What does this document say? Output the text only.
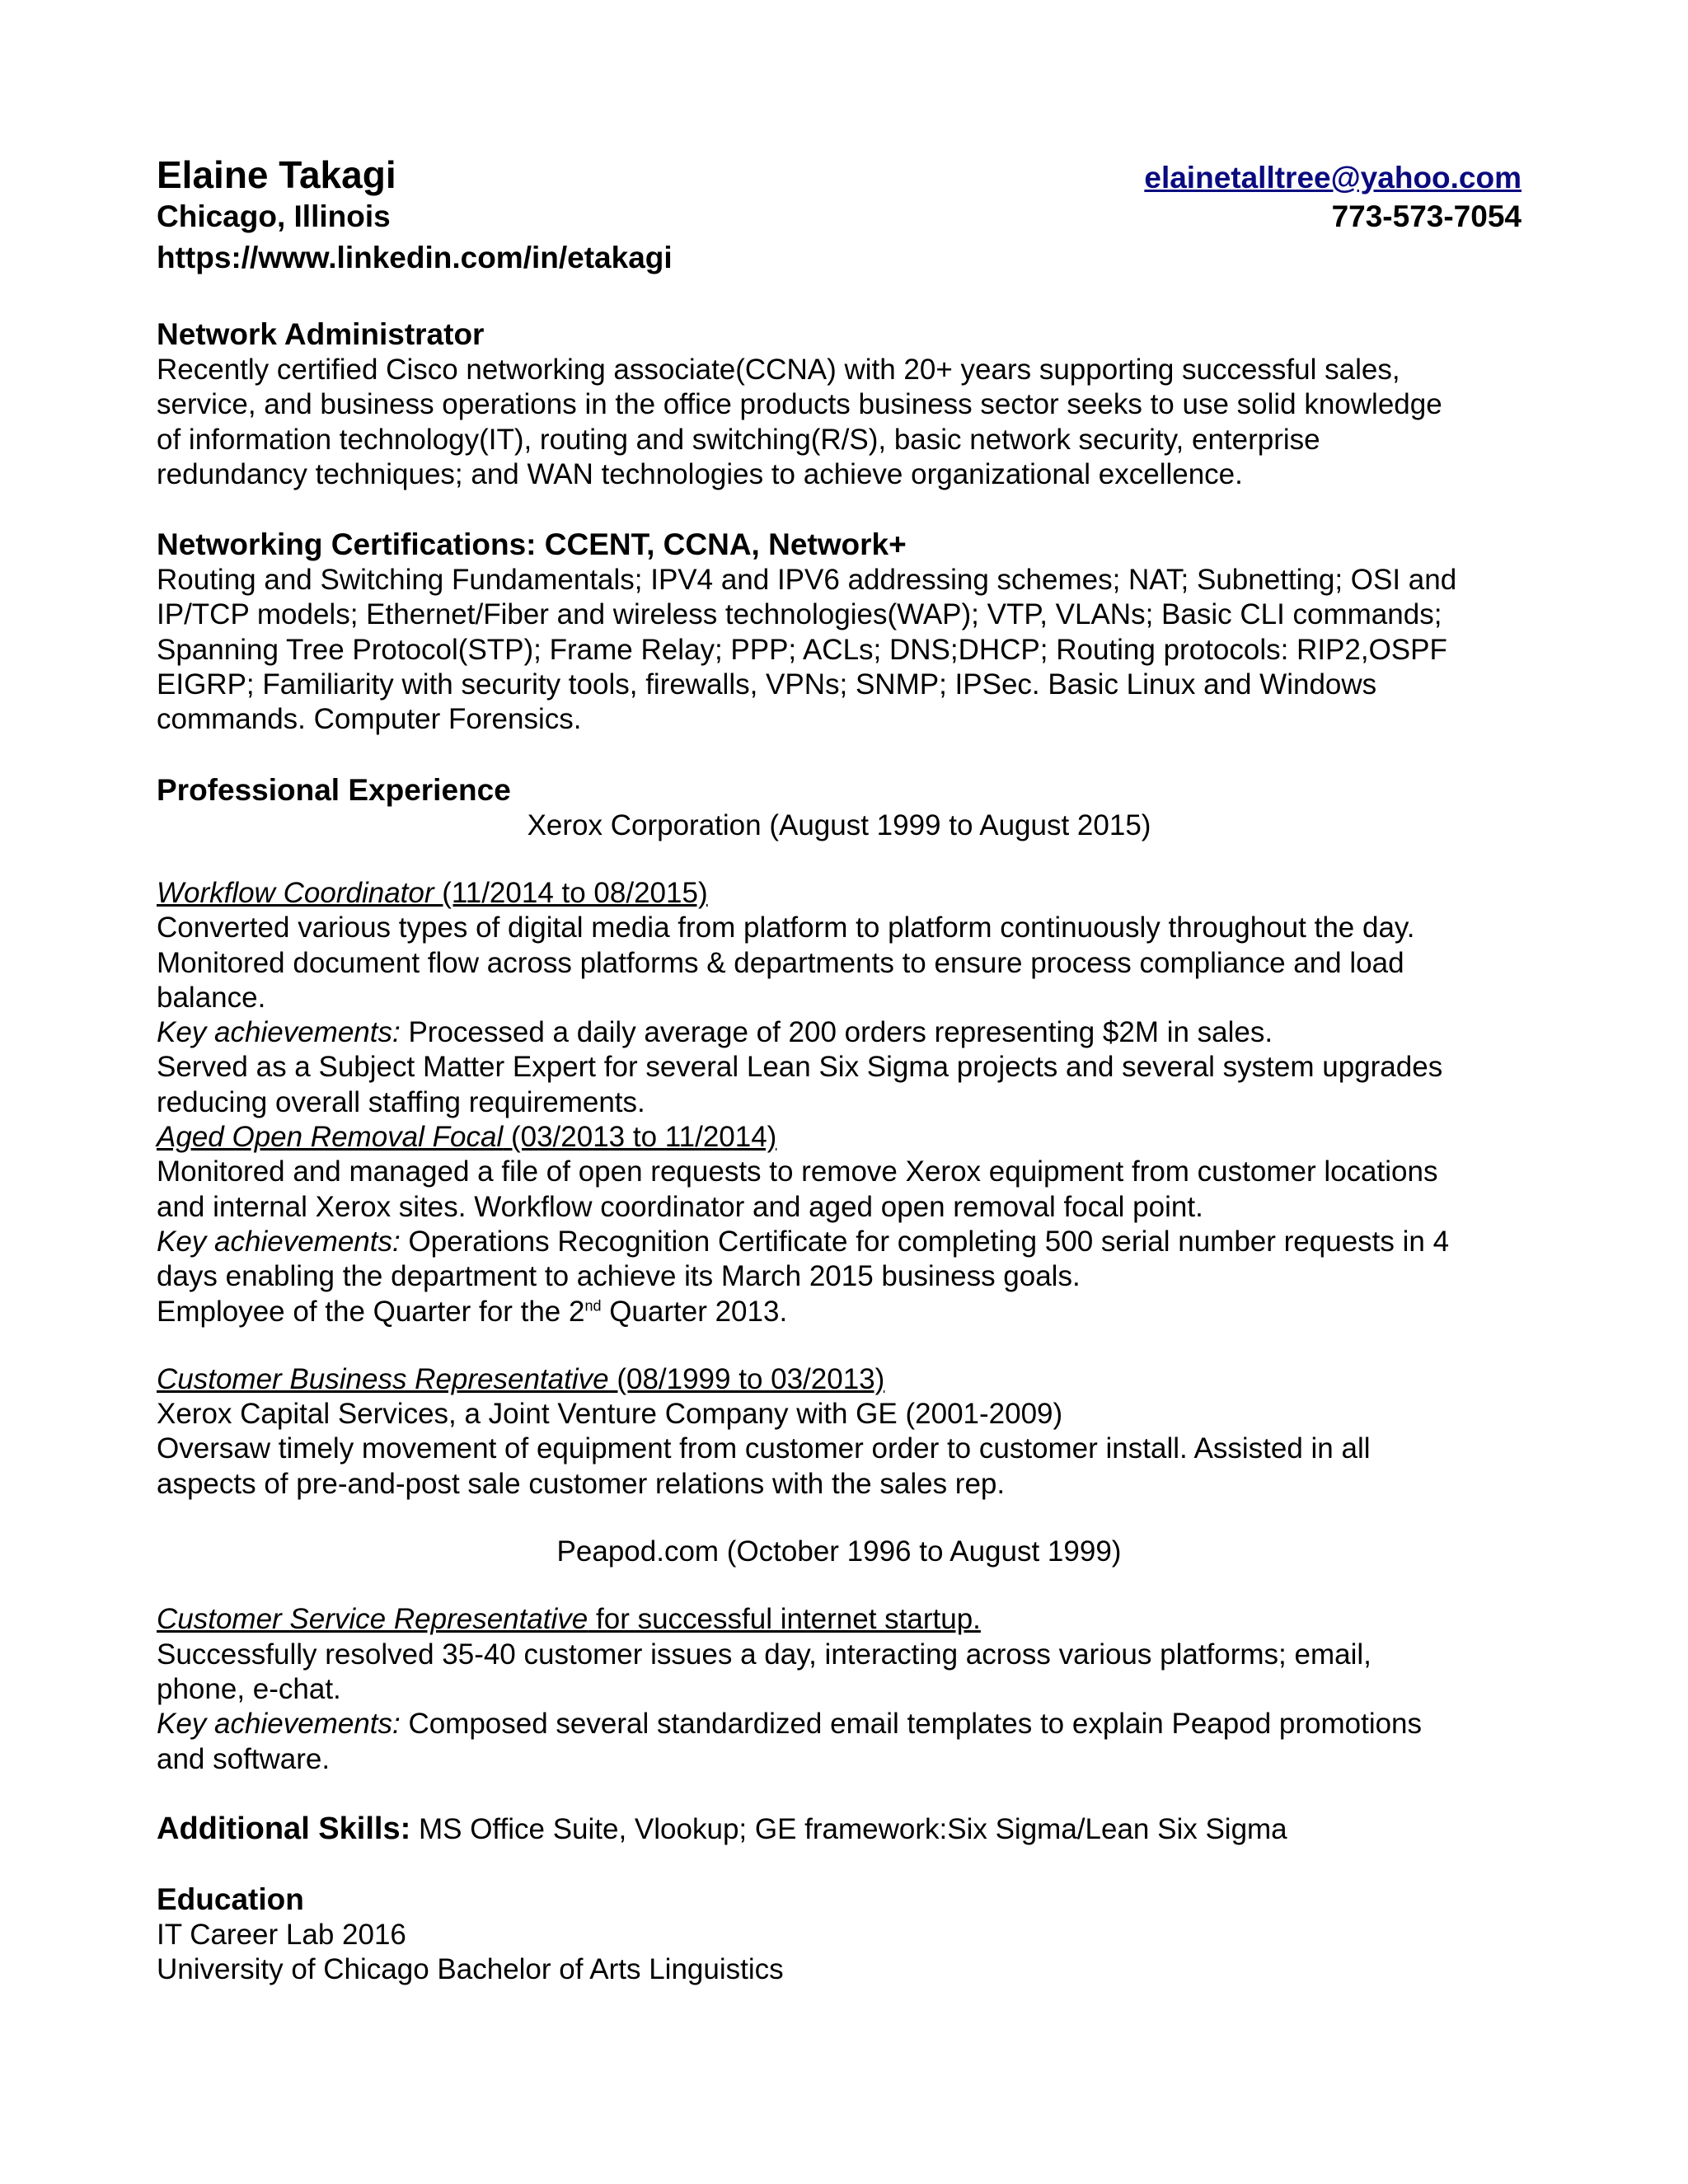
Elaine Takagi	elainetalltree@yahoo.com
Chicago, Illinois	773-573-7054
https://www.linkedin.com/in/etakagi
Network Administrator
Recently certified Cisco networking associate(CCNA) with 20+ years supporting successful sales,
service, and business operations in the office products business sector seeks to use solid knowledge
of information technology(IT), routing and switching(R/S), basic network security, enterprise
redundancy techniques; and WAN technologies to achieve organizational excellence.
Networking Certifications: CCENT, CCNA, Network+
Routing and Switching Fundamentals; IPV4 and IPV6 addressing schemes; NAT; Subnetting; OSI and
IP/TCP models; Ethernet/Fiber and wireless technologies(WAP); VTP, VLANs; Basic CLI commands;
Spanning Tree Protocol(STP); Frame Relay; PPP; ACLs; DNS;DHCP; Routing protocols: RIP2,OSPF
EIGRP; Familiarity with security tools, firewalls, VPNs; SNMP; IPSec. Basic Linux and Windows
commands. Computer Forensics.
Professional Experience
Xerox Corporation (August 1999 to August 2015)
Workflow Coordinator (11/2014 to 08/2015)
Converted various types of digital media from platform to platform continuously throughout the day.
Monitored document flow across platforms & departments to ensure process compliance and load
balance.
Key achievements: Processed a daily average of 200 orders representing $2M in sales.
Served as a Subject Matter Expert for several Lean Six Sigma projects and several system upgrades
reducing overall staffing requirements.
Aged Open Removal Focal (03/2013 to 11/2014)
Monitored and managed a file of open requests to remove Xerox equipment from customer locations
and internal Xerox sites. Workflow coordinator and aged open removal focal point.
Key achievements: Operations Recognition Certificate for completing 500 serial number requests in 4
days enabling the department to achieve its March 2015 business goals.
Employee of the Quarter for the 2nd Quarter 2013.
Customer Business Representative (08/1999 to 03/2013)
Xerox Capital Services, a Joint Venture Company with GE (2001-2009)
Oversaw timely movement of equipment from customer order to customer install. Assisted in all
aspects of pre-and-post sale customer relations with the sales rep.
Peapod.com (October 1996 to August 1999)
Customer Service Representative for successful internet startup.
Successfully resolved 35-40 customer issues a day, interacting across various platforms; email,
phone, e-chat.
Key achievements: Composed several standardized email templates to explain Peapod promotions
and software.
Additional Skills: MS Office Suite, Vlookup; GE framework:Six Sigma/Lean Six Sigma
Education
IT Career Lab 2016
University of Chicago Bachelor of Arts Linguistics
